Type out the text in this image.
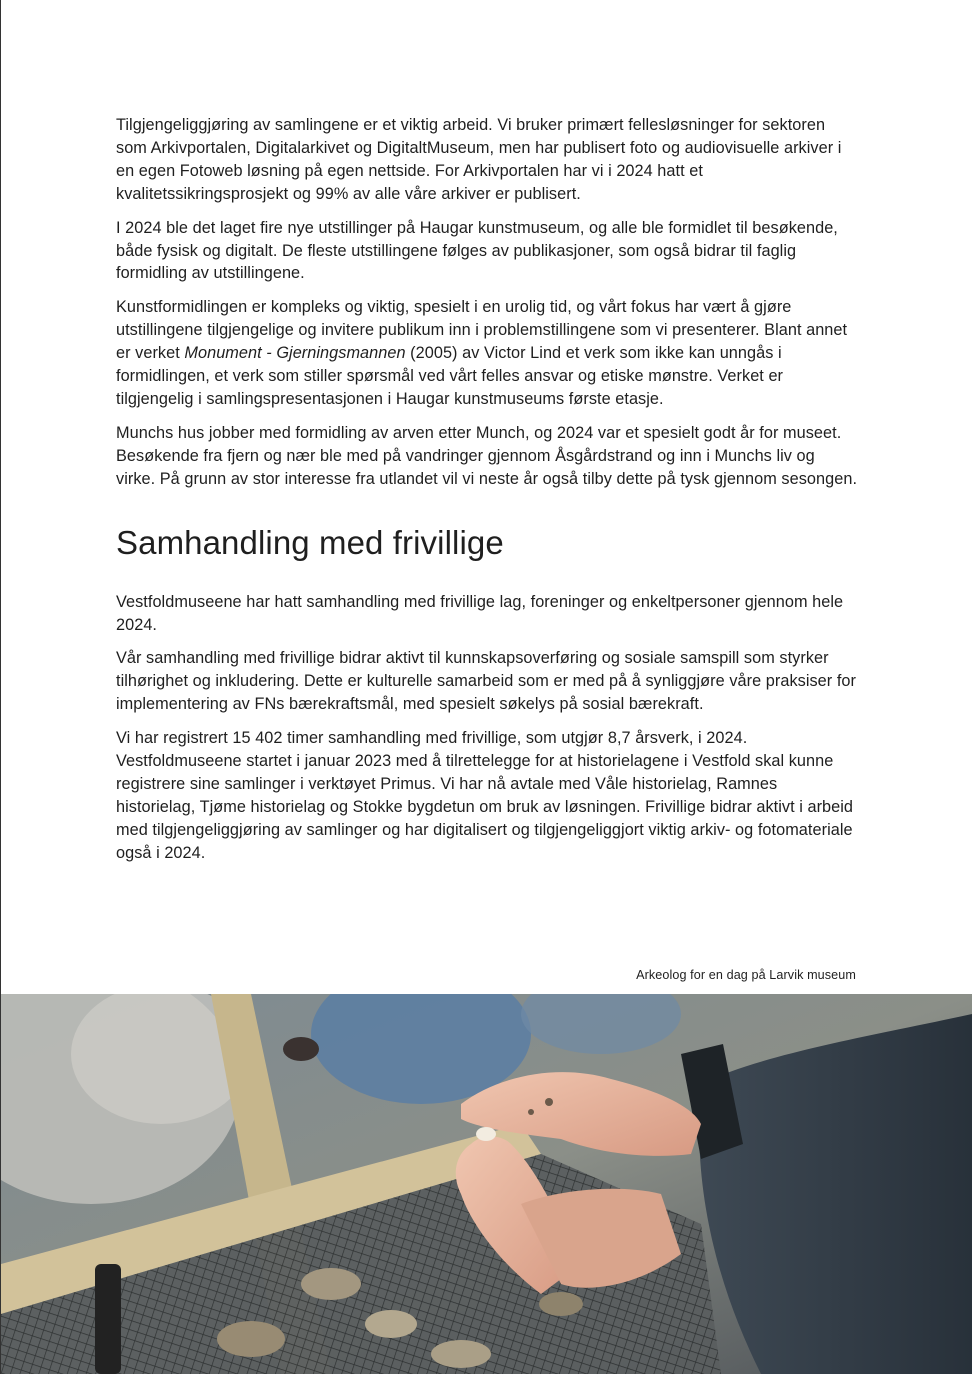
Tilgjengeliggjøring av samlingene er et viktig arbeid. Vi bruker primært fellesløsninger for sektoren som Arkivportalen, Digitalarkivet og DigitaltMuseum, men har publisert foto og audiovisuelle arkiver i en egen Fotoweb løsning på egen nettside. For Arkivportalen har vi i 2024 hatt et kvalitetssikringsprosjekt og 99% av alle våre arkiver er publisert.

I 2024 ble det laget fire nye utstillinger på Haugar kunstmuseum, og alle ble formidlet til besøkende, både fysisk og digitalt. De fleste utstillingene følges av publikasjoner, som også bidrar til faglig formidling av utstillingene.

Kunstformidlingen er kompleks og viktig, spesielt i en urolig tid, og vårt fokus har vært å gjøre utstillingene tilgjengelige og invitere publikum inn i problemstillingene som vi presenterer. Blant annet er verket Monument - Gjerningsmannen (2005) av Victor Lind et verk som ikke kan unngås i formidlingen, et verk som stiller spørsmål ved vårt felles ansvar og etiske mønstre. Verket er tilgjengelig i samlingspresentasjonen i Haugar kunstmuseums første etasje.

Munchs hus jobber med formidling av arven etter Munch, og 2024 var et spesielt godt år for museet. Besøkende fra fjern og nær ble med på vandringer gjennom Åsgårdstrand og inn i Munchs liv og virke. På grunn av stor interesse fra utlandet vil vi neste år også tilby dette på tysk gjennom sesongen.

Samhandling med frivillige

Vestfoldmuseene har hatt samhandling med frivillige lag, foreninger og enkeltpersoner gjennom hele 2024.

Vår samhandling med frivillige bidrar aktivt til kunnskapsoverføring og sosiale samspill som styrker tilhørighet og inkludering. Dette er kulturelle samarbeid som er med på å synliggjøre våre praksiser for implementering av FNs bærekraftsmål, med spesielt søkelys på sosial bærekraft.

Vi har registrert 15 402 timer samhandling med frivillige, som utgjør 8,7 årsverk, i 2024. Vestfoldmuseene startet i januar 2023 med å tilrettelegge for at historielagene i Vestfold skal kunne registrere sine samlinger i verktøyet Primus. Vi har nå avtale med Våle historielag, Ramnes historielag, Tjøme historielag og Stokke bygdetun om bruk av løsningen. Frivillige bidrar aktivt i arbeid med tilgjengeliggjøring av samlinger og har digitalisert og tilgjengeliggjort viktig arkiv- og fotomateriale også i 2024.

Arkeolog for en dag på Larvik museum
